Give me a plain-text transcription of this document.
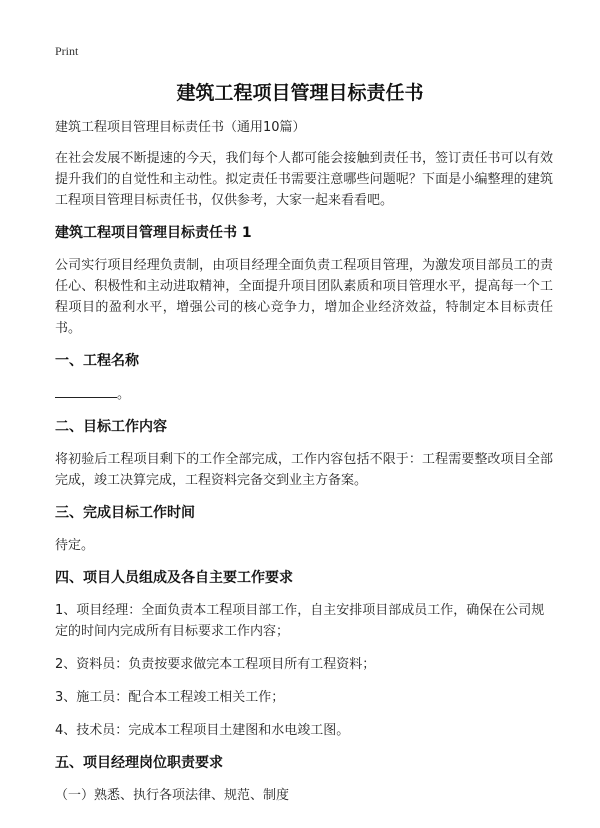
Print
建筑工程项目管理目标责任书
建筑工程项目管理目标责任书（通用10篇）

在社会发展不断提速的今天，我们每个人都可能会接触到责任书，签订责任书可以有效提升我们的自觉性和主动性。拟定责任书需要注意哪些问题呢？下面是小编整理的建筑工程项目管理目标责任书，仅供参考，大家一起来看看吧。

建筑工程项目管理目标责任书 1

公司实行项目经理负责制，由项目经理全面负责工程项目管理，为激发项目部员工的责任心、积极性和主动进取精神，全面提升项目团队素质和项目管理水平，提高每一个工程项目的盈利水平，增强公司的核心竞争力，增加企业经济效益，特制定本目标责任书。

一、工程名称
。
二、目标工作内容

将初验后工程项目剩下的工作全部完成，工作内容包括不限于：工程需要整改项目全部完成，竣工决算完成，工程资料完备交到业主方备案。

三、完成目标工作时间

待定。

四、项目人员组成及各自主要工作要求
1、项目经理：全面负责本工程项目部工作，自主安排项目部成员工作，确保在公司规定的时间内完成所有目标要求工作内容；
2、资料员：负责按要求做完本工程项目所有工程资料；
3、施工员：配合本工程竣工相关工作；
4、技术员：完成本工程项目土建图和水电竣工图。
五、项目经理岗位职责要求
（一）熟悉、执行各项法律、规范、制度
